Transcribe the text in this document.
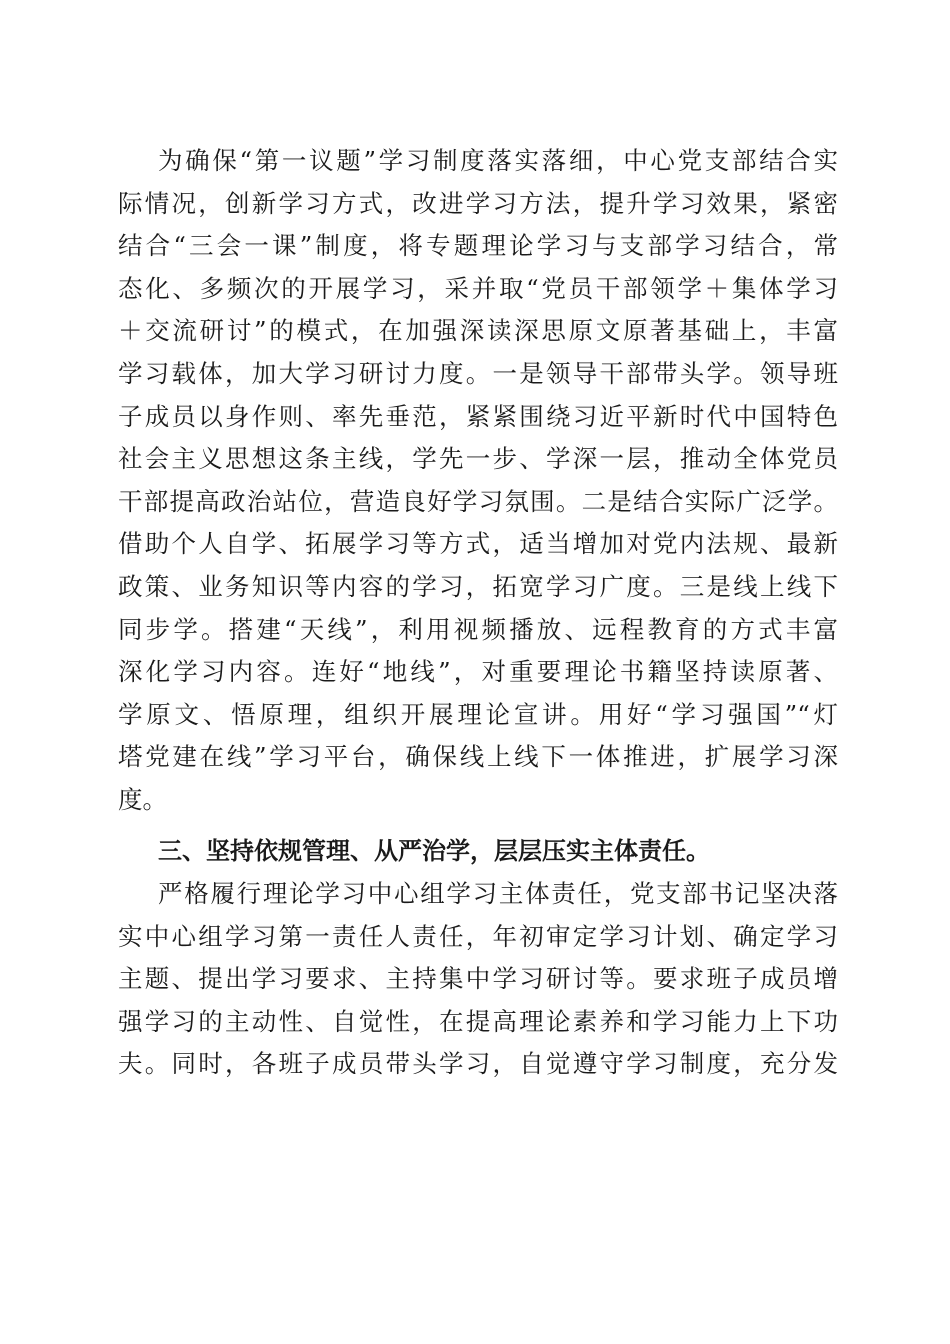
为确保“第一议题”学习制度落实落细，中心党支部结合实
际情况，创新学习方式，改进学习方法，提升学习效果，紧密
结合“三会一课”制度，将专题理论学习与支部学习结合，常
态化、多频次的开展学习，采并取“党员干部领学＋集体学习
＋交流研讨”的模式，在加强深读深思原文原著基础上，丰富
学习载体，加大学习研讨力度。一是领导干部带头学。领导班
子成员以身作则、率先垂范，紧紧围绕习近平新时代中国特色
社会主义思想这条主线，学先一步、学深一层，推动全体党员
干部提高政治站位，营造良好学习氛围。二是结合实际广泛学。
借助个人自学、拓展学习等方式，适当增加对党内法规、最新
政策、业务知识等内容的学习，拓宽学习广度。三是线上线下
同步学。搭建“天线”，利用视频播放、远程教育的方式丰富
深化学习内容。连好“地线”，对重要理论书籍坚持读原著、
学原文、悟原理，组织开展理论宣讲。用好“学习强国”“灯
塔党建在线”学习平台，确保线上线下一体推进，扩展学习深
度。
三、坚持依规管理、从严治学，层层压实主体责任。
严格履行理论学习中心组学习主体责任，党支部书记坚决落
实中心组学习第一责任人责任，年初审定学习计划、确定学习
主题、提出学习要求、主持集中学习研讨等。要求班子成员增
强学习的主动性、自觉性，在提高理论素养和学习能力上下功
夫。同时，各班子成员带头学习，自觉遵守学习制度，充分发
